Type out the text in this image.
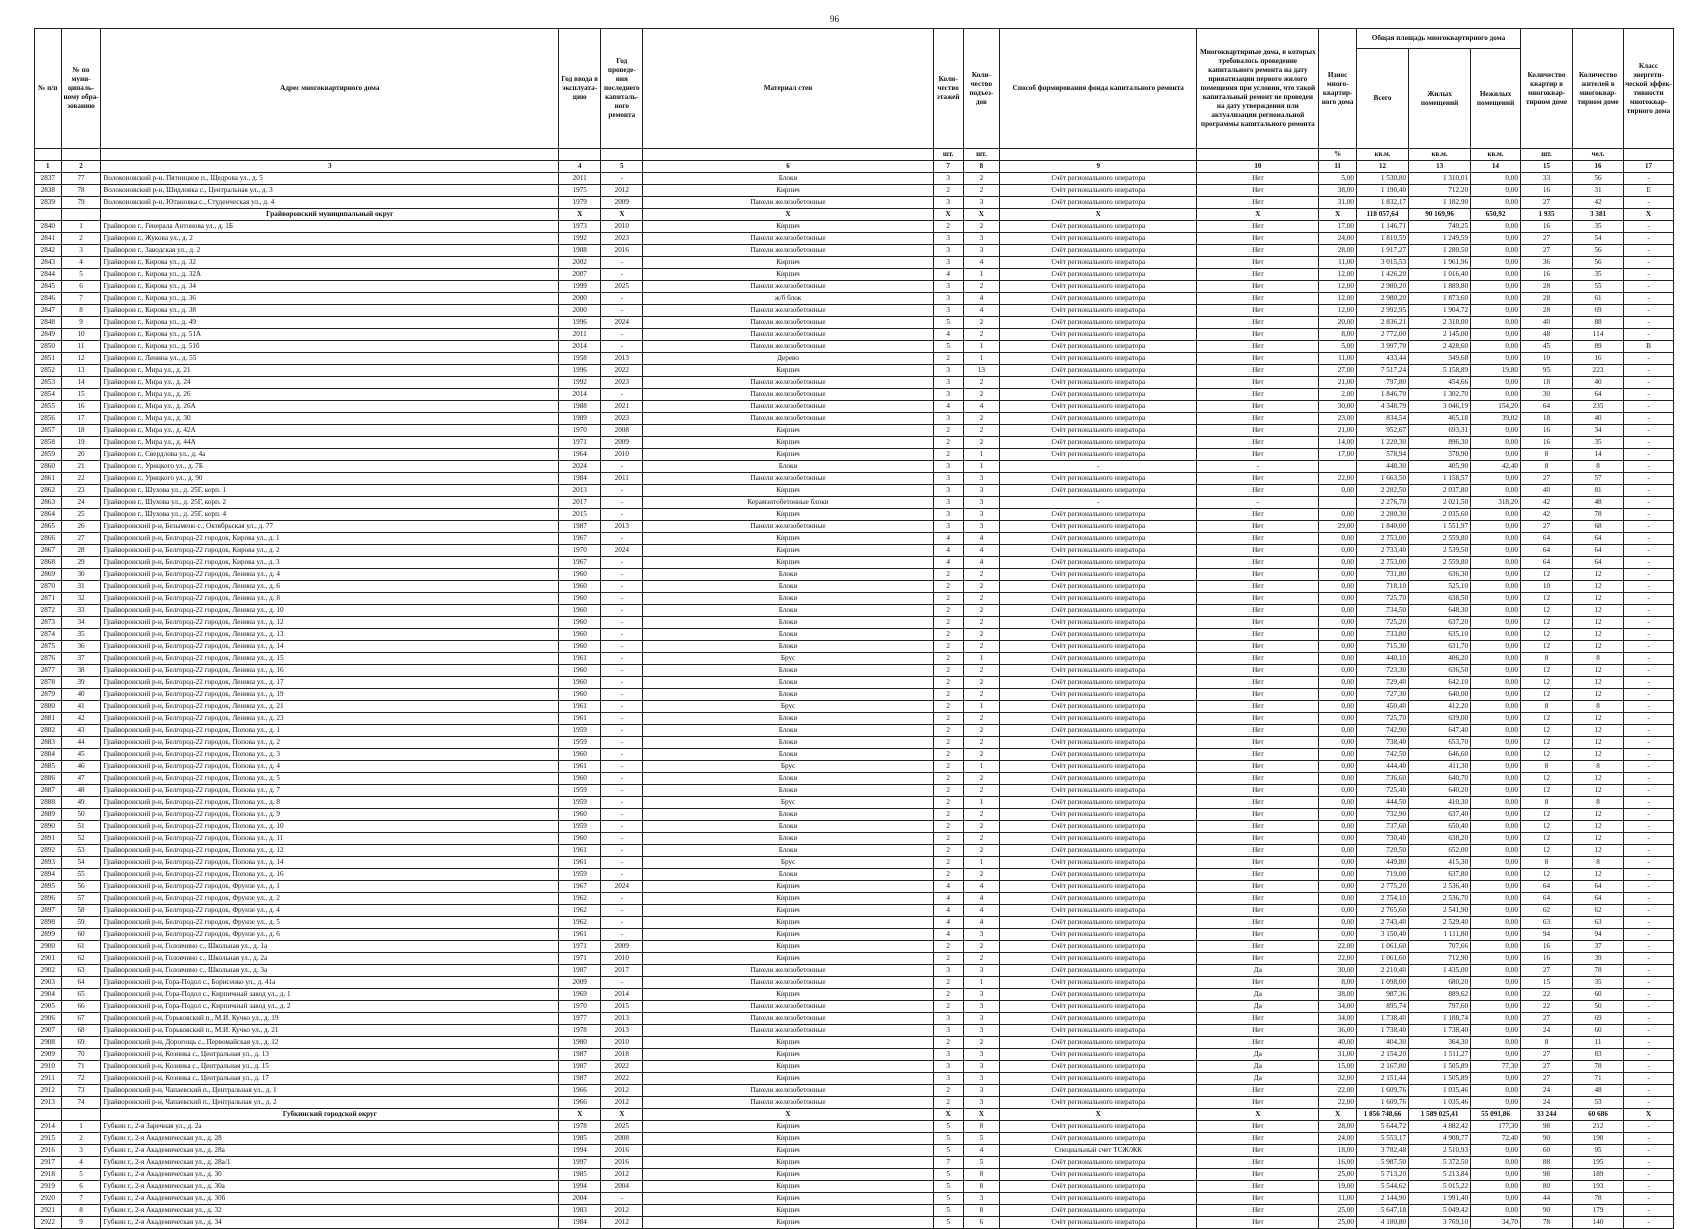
96
№ п/п	№ по муни-ципаль-ному обра-зованию	Адрес многоквартирного дома	Год ввода в эксплуата-цию	Год проведе-ния последнего капиталь-ного ремонта	Материал стен	Коли-чество этажей	Коли-чество подъез-дов	Способ формирования фонда капитального ремонта	Многоквартирные дома, в которых требовалось проведение капитального ремонта на дату приватизации первого жилого помещения при условии, что такой капитальный ремонт не проведен на дату утверждения или актуализации региональной программы капитального ремонта	Износ много-квартир-ного дома	Общая площадь многоквартирного дома			Количество квартир в многоквар-тирном доме	Количество жителей в многоквар-тирном доме	Класс энергети-ческой эффек-тивности многоквар-тирного дома
											Всего	Жилых помещений	Нежилых помещений			
						шт.	шт.			%	кв.м.	кв.м.	кв.м.	шт.	чел.	
1	2	3	4	5	6	7	8	9	10	11	12	13	14	15	16	17
2837	77	Волоконовский р-н, Пятницкое п., Щедрова ул., д. 5	2011	-	Блоки	3	2	Счёт регионального оператора	Нет	5,00	1 530,80	1 310,01	0,00	33	56	-
2838	78	Волоконовский р-н, Шидловка с., Центральная ул., д. 3	1975	2012	Кирпич	2	2	Счёт регионального оператора	Нет	38,00	1 190,40	712,20	0,00	16	31	Е
2839	79	Волоконовский р-н, Ютановка с., Студенческая ул., д. 4	1979	2009	Панели железобетонные	3	3	Счёт регионального оператора	Нет	31,00	1 832,17	1 182,90	0,00	27	42	-
		Грайворонский муниципальный округ	X	X	X	X	X	X	X	X	118 057,64	90 169,96	650,92	1 935	3 381	X
2840	1	Грайворон г., Генерала Антонова ул., д. 1Б	1973	2010	Кирпич	2	2	Счёт регионального оператора	Нет	17,00	1 146,71	740,25	0,00	16	35	-
2841	2	Грайворон г., Жукова ул., д. 2	1992	2023	Панели железобетонные	3	3	Счёт регионального оператора	Нет	24,00	1 810,59	1 249,59	0,00	27	54	-
2842	3	Грайворон г., Заводская ул., д. 2	1988	2016	Панели железобетонные	3	3	Счёт регионального оператора	Нет	28,00	1 917,27	1 280,50	0,00	27	56	-
2843	4	Грайворон г., Кирова ул., д. 32	2002	-	Кирпич	3	4	Счёт регионального оператора	Нет	11,00	3 015,53	1 961,96	0,00	36	56	-
2844	5	Грайворон г., Кирова ул., д. 32А	2007	-	Кирпич	4	1	Счёт регионального оператора	Нет	12,00	1 426,20	1 016,40	0,00	16	35	-
2845	6	Грайворон г., Кирова ул., д. 34	1999	2025	Панели железобетонные	3	2	Счёт регионального оператора	Нет	12,00	2 980,20	1 889,80	0,00	28	55	-
2846	7	Грайворон г., Кирова ул., д. 36	2000	-	ж/б блок	3	4	Счёт регионального оператора	Нет	12,00	2 980,20	1 873,60	0,00	28	61	-
2847	8	Грайворон г., Кирова ул., д. 38	2000	-	Панели железобетонные	3	4	Счёт регионального оператора	Нет	12,00	2 992,95	1 904,72	0,00	28	69	-
2848	9	Грайворон г., Кирова ул., д. 49	1996	2024	Панели железобетонные	5	2	Счёт регионального оператора	Нет	20,00	2 836,21	2 318,00	0,00	40	88	-
2849	10	Грайворон г., Кирова ул., д. 51А	2011	-	Панели железобетонные	4	2	Счёт регионального оператора	Нет	8,00	2 772,00	2 145,00	0,00	48	114	-
2850	11	Грайворон г., Кирова ул., д. 51б	2014	-	Панели железобетонные	5	1	Счёт регионального оператора	Нет	5,00	3 997,70	2 428,60	0,00	45	89	В
2851	12	Грайворон г., Ленина ул., д. 55	1958	2013	Дерево	2	1	Счёт регионального оператора	Нет	11,00	433,44	349,68	0,00	10	16	-
2852	13	Грайворон г., Мира ул., д. 21	1996	2022	Кирпич	3	13	Счёт регионального оператора	Нет	27,00	7 517,24	5 158,89	19,80	95	223	-
2853	14	Грайворон г., Мира ул., д. 24	1992	2023	Панели железобетонные	3	2	Счёт регионального оператора	Нет	21,00	797,80	454,66	0,00	18	40	-
2854	15	Грайворон г., Мира ул., д. 26	2014	-	Панели железобетонные	3	2	Счёт регионального оператора	Нет	2,00	1 846,70	1 302,70	0,00	30	64	-
2855	16	Грайворон г., Мира ул., д. 26А	1988	2021	Панели железобетонные	4	4	Счёт регионального оператора	Нет	30,00	4 348,79	3 046,19	154,20	64	235	-
2856	17	Грайворон г., Мира ул., д. 30	1989	2023	Панели железобетонные	3	2	Счёт регионального оператора	Нет	23,00	834,54	465,18	39,02	18	40	-
2857	18	Грайворон г., Мира ул., д. 42А	1970	2008	Кирпич	2	2	Счёт регионального оператора	Нет	21,00	952,67	693,31	0,00	16	34	-
2858	19	Грайворон г., Мира ул., д. 44А	1971	2009	Кирпич	2	2	Счёт регионального оператора	Нет	14,00	1 220,30	896,30	0,00	16	35	-
2859	20	Грайворон г., Свердлова ул., д. 4а	1964	2010	Кирпич	2	1	Счёт регионального оператора	Нет	17,00	578,94	378,90	0,00	8	14	-
2860	21	Грайворон г., Урицкого ул., д. 7Б	2024	-	Блоки	3	1	-	-		448,30	405,90	42,40	8	8	-
2861	22	Грайворон г., Урицкого ул., д. 90	1984	2011	Панели железобетонные	3	3	Счёт регионального оператора	Нет	22,00	1 663,50	1 158,57	0,00	27	57	-
2862	23	Грайворон г., Шухова ул., д. 25Г, корп. 1	2013	-	Кирпич	3	3	Счёт регионального оператора	Нет	0,00	2 282,50	2 037,80	0,00	40	81	-
2863	24	Грайворон г., Шухова ул., д. 25Г, корп. 2	2017	-	Керамзитобетонные блоки	3	3	-	-		2 276,70	2 021,50	318,20	42	48	-
2864	25	Грайворон г., Шухова ул., д. 25Г, корп. 4	2015	-	Кирпич	3	3	Счёт регионального оператора	Нет	0,00	2 280,30	2 035,60	0,00	42	78	-
2865	26	Грайворонский р-н, Безымено с., Октябрьская ул., д. 77	1987	2013	Панели железобетонные	3	3	Счёт регионального оператора	Нет	29,00	1 840,00	1 551,97	0,00	27	68	-
2866	27	Грайворонский р-н, Белгород-22 городок, Кирова ул., д. 1	1967	-	Кирпич	4	4	Счёт регионального оператора	Нет	0,00	2 753,00	2 559,80	0,00	64	64	-
2867	28	Грайворонский р-н, Белгород-22 городок, Кирова ул., д. 2	1970	2024	Кирпич	4	4	Счёт регионального оператора	Нет	0,00	2 733,40	2 539,50	0,00	64	64	-
2868	29	Грайворонский р-н, Белгород-22 городок, Кирова ул., д. 3	1967	-	Кирпич	4	4	Счёт регионального оператора	Нет	0,00	2 753,00	2 559,80	0,00	64	64	-
2869	30	Грайворонский р-н, Белгород-22 городок, Ленина ул., д. 4	1960	-	Блоки	2	2	Счёт регионального оператора	Нет	0,00	731,80	636,30	0,00	12	12	-
2870	31	Грайворонский р-н, Белгород-22 городок, Ленина ул., д. 6	1960	-	Блоки	2	2	Счёт регионального оператора	Нет	0,00	718,10	525,10	0,00	10	12	-
2871	32	Грайворонский р-н, Белгород-22 городок, Ленина ул., д. 8	1960	-	Блоки	2	2	Счёт регионального оператора	Нет	0,00	725,70	638,50	0,00	12	12	-
2872	33	Грайворонский р-н, Белгород-22 городок, Ленина ул., д. 10	1960	-	Блоки	2	2	Счёт регионального оператора	Нет	0,00	734,50	648,30	0,00	12	12	-
2873	34	Грайворонский р-н, Белгород-22 городок, Ленина ул., д. 12	1960	-	Блоки	2	2	Счёт регионального оператора	Нет	0,00	725,20	637,20	0,00	12	12	-
2874	35	Грайворонский р-н, Белгород-22 городок, Ленина ул., д. 13	1960	-	Блоки	2	2	Счёт регионального оператора	Нет	0,00	733,80	635,10	0,00	12	12	-
2875	36	Грайворонский р-н, Белгород-22 городок, Ленина ул., д. 14	1960	-	Блоки	2	2	Счёт регионального оператора	Нет	0,00	715,30	631,70	0,00	12	12	-
2876	37	Грайворонский р-н, Белгород-22 городок, Ленина ул., д. 15	1961	-	Брус	2	1	Счёт регионального оператора	Нет	0,00	440,10	406,20	0,00	8	8	-
2877	38	Грайворонский р-н, Белгород-22 городок, Ленина ул., д. 16	1960	-	Блоки	2	2	Счёт регионального оператора	Нет	0,00	723,30	636,50	0,00	12	12	-
2878	39	Грайворонский р-н, Белгород-22 городок, Ленина ул., д. 17	1960	-	Блоки	2	2	Счёт регионального оператора	Нет	0,00	729,40	642,10	0,00	12	12	-
2879	40	Грайворонский р-н, Белгород-22 городок, Ленина ул., д. 19	1960	-	Блоки	2	2	Счёт регионального оператора	Нет	0,00	727,30	640,00	0,00	12	12	-
2880	41	Грайворонский р-н, Белгород-22 городок, Ленина ул., д. 21	1961	-	Брус	2	1	Счёт регионального оператора	Нет	0,00	450,40	412,20	0,00	8	8	-
2881	42	Грайворонский р-н, Белгород-22 городок, Ленина ул., д. 23	1961	-	Блоки	2	2	Счёт регионального оператора	Нет	0,00	725,70	639,00	0,00	12	12	-
2882	43	Грайворонский р-н, Белгород-22 городок, Попова ул., д. 1	1959	-	Блоки	2	2	Счёт регионального оператора	Нет	0,00	742,90	647,40	0,00	12	12	-
2883	44	Грайворонский р-н, Белгород-22 городок, Попова ул., д. 2	1959	-	Блоки	2	2	Счёт регионального оператора	Нет	0,00	738,40	653,70	0,00	12	12	-
2884	45	Грайворонский р-н, Белгород-22 городок, Попова ул., д. 3	1960	-	Блоки	2	2	Счёт регионального оператора	Нет	0,00	742,50	646,60	0,00	12	12	-
2885	46	Грайворонский р-н, Белгород-22 городок, Попова ул., д. 4	1961	-	Брус	2	1	Счёт регионального оператора	Нет	0,00	444,40	411,30	0,00	8	8	-
2886	47	Грайворонский р-н, Белгород-22 городок, Попова ул., д. 5	1960	-	Блоки	2	2	Счёт регионального оператора	Нет	0,00	736,60	640,70	0,00	12	12	-
2887	48	Грайворонский р-н, Белгород-22 городок, Попова ул., д. 7	1959	-	Блоки	2	2	Счёт регионального оператора	Нет	0,00	725,40	640,20	0,00	12	12	-
2888	49	Грайворонский р-н, Белгород-22 городок, Попова ул., д. 8	1959	-	Брус	2	1	Счёт регионального оператора	Нет	0,00	444,50	410,30	0,00	8	8	-
2889	50	Грайворонский р-н, Белгород-22 городок, Попова ул., д. 9	1960	-	Блоки	2	2	Счёт регионального оператора	Нет	0,00	732,90	637,40	0,00	12	12	-
2890	51	Грайворонский р-н, Белгород-22 городок, Попова ул., д. 10	1959	-	Блоки	2	2	Счёт регионального оператора	Нет	0,00	737,60	650,40	0,00	12	12	-
2891	52	Грайворонский р-н, Белгород-22 городок, Попова ул., д. 11	1960	-	Блоки	2	2	Счёт регионального оператора	Нет	0,00	730,40	638,20	0,00	12	12	-
2892	53	Грайворонский р-н, Белгород-22 городок, Попова ул., д. 12	1961	-	Блоки	2	2	Счёт регионального оператора	Нет	0,00	720,50	652,00	0,00	12	12	-
2893	54	Грайворонский р-н, Белгород-22 городок, Попова ул., д. 14	1961	-	Брус	2	1	Счёт регионального оператора	Нет	0,00	449,80	415,30	0,00	8	8	-
2894	55	Грайворонский р-н, Белгород-22 городок, Попова ул., д. 16	1959	-	Блоки	2	2	Счёт регионального оператора	Нет	0,00	719,00	637,80	0,00	12	12	-
2895	56	Грайворонский р-н, Белгород-22 городок, Фрунзе ул., д. 1	1967	2024	Кирпич	4	4	Счёт регионального оператора	Нет	0,00	2 775,20	2 536,40	0,00	64	64	-
2896	57	Грайворонский р-н, Белгород-22 городок, Фрунзе ул., д. 2	1962	-	Кирпич	4	4	Счёт регионального оператора	Нет	0,00	2 754,10	2 536,70	0,00	64	64	-
2897	58	Грайворонский р-н, Белгород-22 городок, Фрунзе ул., д. 4	1962	-	Кирпич	4	4	Счёт регионального оператора	Нет	0,00	2 765,60	2 541,90	0,00	62	62	-
2898	59	Грайворонский р-н, Белгород-22 городок, Фрунзе ул., д. 5	1962	-	Кирпич	4	4	Счёт регионального оператора	Нет	0,00	2 743,40	2 529,40	0,00	63	63	-
2899	60	Грайворонский р-н, Белгород-22 городок, Фрунзе ул., д. 6	1961	-	Кирпич	4	3	Счёт регионального оператора	Нет	0,00	3 150,40	1 111,80	0,00	94	94	-
2900	61	Грайворонский р-н, Головчино с., Школьная ул., д. 1а	1971	2009	Кирпич	2	2	Счёт регионального оператора	Нет	22,00	1 061,60	707,66	0,00	16	37	-
2901	62	Грайворонский р-н, Головчино с., Школьная ул., д. 2а	1971	2010	Кирпич	2	2	Счёт регионального оператора	Нет	22,00	1 061,60	712,90	0,00	16	39	-
2902	63	Грайворонский р-н, Головчино с., Школьная ул., д. 3а	1987	2017	Панели железобетонные	3	3	Счёт регионального оператора	Да	30,00	2 210,40	1 435,00	0,00	27	78	-
2903	64	Грайворонский р-н, Гора-Подол с., Борисенко ул., д. 41а	2009	-	Панели железобетонные	2	1	Счёт регионального оператора	Нет	8,00	1 098,00	680,20	0,00	15	35	-
2904	65	Грайворонский р-н, Гора-Подол с., Кирпичный завод ул., д. 1	1969	2014	Кирпич	2	3	Счёт регионального оператора	Да	38,00	987,36	889,62	0,00	22	60	-
2905	66	Грайворонский р-н, Гора-Подол с., Кирпичный завод ул., д. 2	1970	2015	Панели железобетонные	2	3	Счёт регионального оператора	Да	34,00	895,74	797,60	0,00	22	50	-
2906	67	Грайворонский р-н, Горьковский п., М.И. Кучко ул., д. 19	1977	2013	Панели железобетонные	3	3	Счёт регионального оператора	Нет	34,00	1 738,40	1 188,74	0,00	27	69	-
2907	68	Грайворонский р-н, Горьковский п., М.И. Кучко ул., д. 21	1978	2013	Панели железобетонные	3	3	Счёт регионального оператора	Нет	36,00	1 738,40	1 738,40	0,00	24	60	-
2908	69	Грайворонский р-н, Дорогощь с., Первомайская ул., д. 12	1980	2010	Кирпич	2	2	Счёт регионального оператора	Нет	40,00	404,30	364,30	0,00	8	11	-
2909	70	Грайворонский р-н, Козинка с., Центральная ул., д. 13	1987	2018	Кирпич	3	3	Счёт регионального оператора	Да	31,00	2 154,20	1 511,27	0,00	27	83	-
2910	71	Грайворонский р-н, Козинка с., Центральная ул., д. 15	1987	2022	Кирпич	3	3	Счёт регионального оператора	Да	15,00	2 167,80	1 505,89	77,30	27	78	-
2911	72	Грайворонский р-н, Козинка с., Центральная ул., д. 17	1987	2022	Кирпич	3	3	Счёт регионального оператора	Да	32,00	2 151,44	1 505,89	0,00	27	71	-
2912	73	Грайворонский р-н, Чапаевский п., Центральная ул., д. 1	1966	2012	Панели железобетонные	2	3	Счёт регионального оператора	Нет	22,00	1 609,76	1 035,46	0,00	24	48	-
2913	74	Грайворонский р-н, Чапаевский п., Центральная ул., д. 2	1966	2012	Панели железобетонные	2	3	Счёт регионального оператора	Нет	22,00	1 609,76	1 035,46	0,00	24	53	-
		Губкинский городской округ	X	X	X	X	X	X	X	X	1 856 748,66	1 589 025,41	55 091,86	33 244	60 686	X
2914	1	Губкин г., 2-я Заречная ул., д. 2а	1978	2025	Кирпич	5	8	Счёт регионального оператора	Нет	28,00	5 644,72	4 882,42	177,30	98	212	-
2915	2	Губкин г., 2-я Академическая ул., д. 28	1985	2008	Кирпич	5	5	Счёт регионального оператора	Нет	24,00	5 553,17	4 908,77	72,40	90	198	-
2916	3	Губкин г., 2-я Академическая ул., д. 28а	1994	2016	Кирпич	5	4	Специальный счет ТСЖ/ЖК	Нет	18,00	3 782,48	2 510,93	0,00	60	95	-
2917	4	Губкин г., 2-я Академическая ул., д. 28а/1	1997	2016	Кирпич	7	5	Счёт регионального оператора	Нет	16,00	5 987,50	5 372,50	0,00	88	195	-
2918	5	Губкин г., 2-я Академическая ул., д. 30	1985	2012	Кирпич	5	8	Счёт регионального оператора	Нет	25,00	5 713,20	5 213,84	0,00	98	189	-
2919	6	Губкин г., 2-я Академическая ул., д. 30а	1994	2004	Кирпич	5	8	Счёт регионального оператора	Нет	19,00	5 544,62	5 015,22	0,00	80	193	-
2920	7	Губкин г., 2-я Академическая ул., д. 30б	2004	-	Кирпич	5	3	Счёт регионального оператора	Нет	11,00	2 144,90	1 991,40	0,00	44	78	-
2921	8	Губкин г., 2-я Академическая ул., д. 32	1983	2012	Кирпич	5	8	Счёт регионального оператора	Нет	25,00	5 647,18	5 049,42	0,00	90	179	-
2922	9	Губкин г., 2-я Академическая ул., д. 34	1984	2012	Кирпич	5	6	Счёт регионального оператора	Нет	25,00	4 180,80	3 769,10	34,70	78	140	-
